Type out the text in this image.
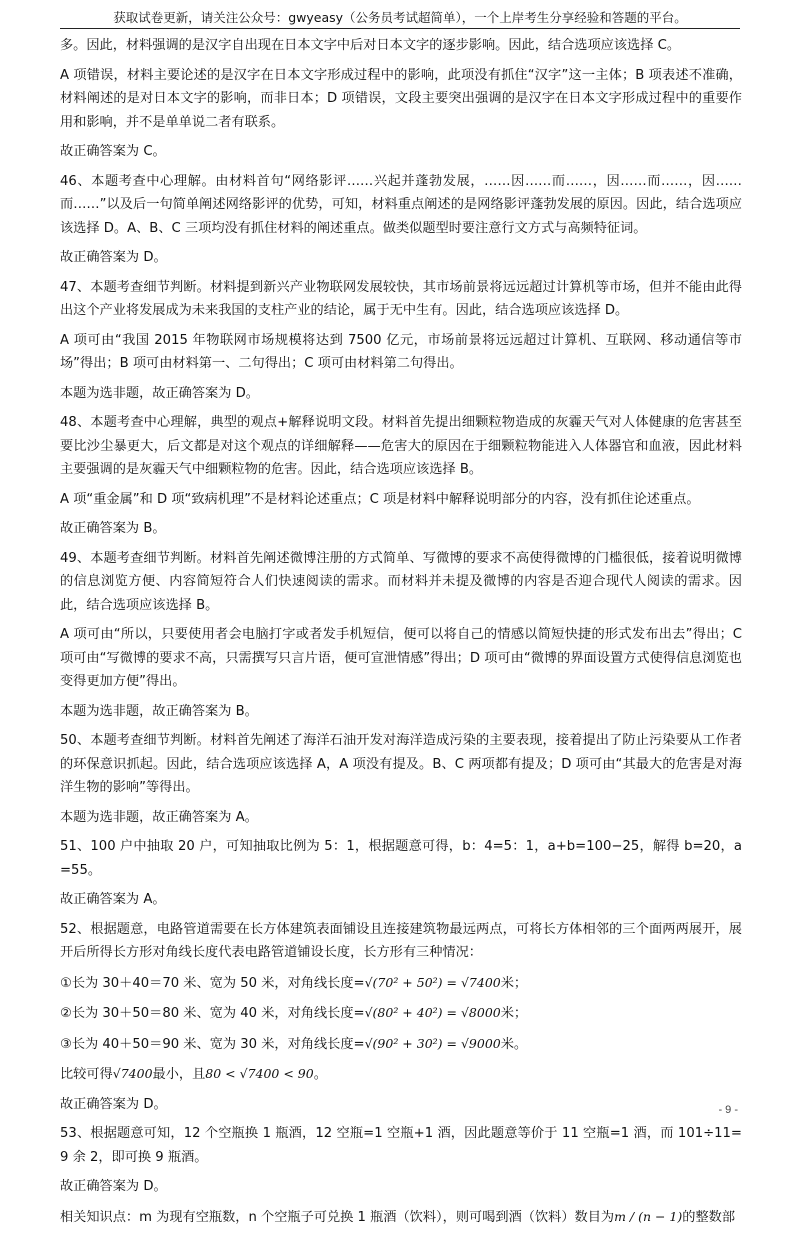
获取试卷更新，请关注公众号：gwyeasy（公务员考试超简单），一个上岸考生分享经验和答题的平台。

多。因此，材料强调的是汉字自出现在日本文字中后对日本文字的逐步影响。因此，结合选项应该选择 C。

A 项错误，材料主要论述的是汉字在日本文字形成过程中的影响，此项没有抓住“汉字”这一主体；B 项表述不准确，材料阐述的是对日本文字的影响，而非日本；D 项错误，文段主要突出强调的是汉字在日本文字形成过程中的重要作用和影响，并不是单单说二者有联系。

故正确答案为 C。

46、本题考查中心理解。由材料首句“网络影评……兴起并蓬勃发展，……因……而……，因……而……，因……而……”以及后一句简单阐述网络影评的优势，可知，材料重点阐述的是网络影评蓬勃发展的原因。因此，结合选项应该选择 D。A、B、C 三项均没有抓住材料的阐述重点。做类似题型时要注意行文方式与高频特征词。

故正确答案为 D。

47、本题考查细节判断。材料提到新兴产业物联网发展较快，其市场前景将远远超过计算机等市场，但并不能由此得出这个产业将发展成为未来我国的支柱产业的结论，属于无中生有。因此，结合选项应该选择 D。

A 项可由“我国 2015 年物联网市场规模将达到 7500 亿元，市场前景将远远超过计算机、互联网、移动通信等市场”得出；B 项可由材料第一、二句得出；C 项可由材料第二句得出。

本题为选非题，故正确答案为 D。

48、本题考查中心理解，典型的观点+解释说明文段。材料首先提出细颗粒物造成的灰霾天气对人体健康的危害甚至要比沙尘暴更大，后文都是对这个观点的详细解释——危害大的原因在于细颗粒物能进入人体器官和血液，因此材料主要强调的是灰霾天气中细颗粒物的危害。因此，结合选项应该选择 B。

A 项“重金属”和 D 项“致病机理”不是材料论述重点；C 项是材料中解释说明部分的内容，没有抓住论述重点。

故正确答案为 B。

49、本题考查细节判断。材料首先阐述微博注册的方式简单、写微博的要求不高使得微博的门槛很低，接着说明微博的信息浏览方便、内容简短符合人们快速阅读的需求。而材料并未提及微博的内容是否迎合现代人阅读的需求。因此，结合选项应该选择 B。

A 项可由“所以，只要使用者会电脑打字或者发手机短信，便可以将自己的情感以简短快捷的形式发布出去”得出；C 项可由“写微博的要求不高，只需撰写只言片语，便可宣泄情感”得出；D 项可由“微博的界面设置方式使得信息浏览也变得更加方便”得出。

本题为选非题，故正确答案为 B。

50、本题考查细节判断。材料首先阐述了海洋石油开发对海洋造成污染的主要表现，接着提出了防止污染要从工作者的环保意识抓起。因此，结合选项应该选择 A，A 项没有提及。B、C 两项都有提及；D 项可由“其最大的危害是对海洋生物的影响”等得出。

本题为选非题，故正确答案为 A。

51、100 户中抽取 20 户，可知抽取比例为 5：1，根据题意可得，b：4=5：1，a+b=100−25，解得 b=20，a=55。

故正确答案为 A。

52、根据题意，电路管道需要在长方体建筑表面铺设且连接建筑物最远两点，可将长方体相邻的三个面两两展开，展开后所得长方形对角线长度代表电路管道铺设长度，长方形有三种情况：

①长为 30＋40＝70 米、宽为 50 米，对角线长度=√(70² + 50²) = √7400米；

②长为 30＋50＝80 米、宽为 40 米，对角线长度=√(80² + 40²) = √8000米；

③长为 40＋50＝90 米、宽为 30 米，对角线长度=√(90² + 30²) = √9000米。

比较可得√7400最小，且80 < √7400 < 90。

故正确答案为 D。

53、根据题意可知，12 个空瓶换 1 瓶酒，12 空瓶=1 空瓶+1 酒，因此题意等价于 11 空瓶=1 酒，而 101÷11=9 余 2，即可换 9 瓶酒。

故正确答案为 D。

相关知识点：m 为现有空瓶数，n 个空瓶子可兑换 1 瓶酒（饮料），则可喝到酒（饮料）数目为m / (n − 1)的整数部

- 9 -
